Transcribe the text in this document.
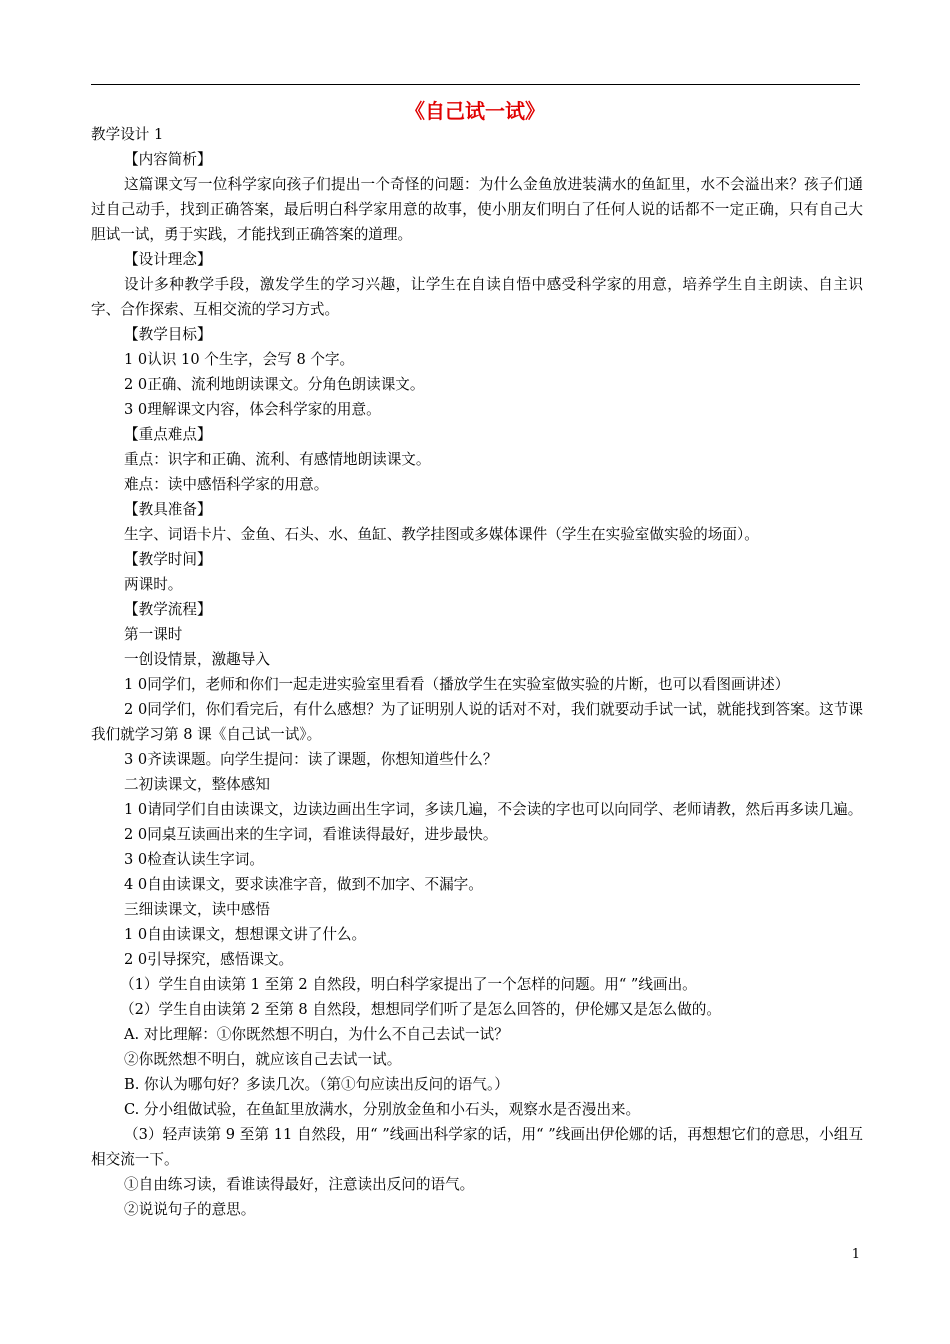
《自己试一试》

教学设计 1

【内容简析】

这篇课文写一位科学家向孩子们提出一个奇怪的问题：为什么金鱼放进装满水的鱼缸里，水不会溢出来？孩子们通过自己动手，找到正确答案，最后明白科学家用意的故事，使小朋友们明白了任何人说的话都不一定正确，只有自己大胆试一试，勇于实践，才能找到正确答案的道理。

【设计理念】

设计多种教学手段，激发学生的学习兴趣，让学生在自读自悟中感受科学家的用意，培养学生自主朗读、自主识字、合作探索、互相交流的学习方式。

【教学目标】

1 0认识 10 个生字，会写 8 个字。

2 0正确、流利地朗读课文。分角色朗读课文。

3 0理解课文内容，体会科学家的用意。

【重点难点】

重点：识字和正确、流利、有感情地朗读课文。

难点：读中感悟科学家的用意。

【教具准备】

生字、词语卡片、金鱼、石头、水、鱼缸、教学挂图或多媒体课件（学生在实验室做实验的场面）。

【教学时间】

两课时。

【教学流程】

第一课时

一创设情景，激趣导入

1 0同学们，老师和你们一起走进实验室里看看（播放学生在实验室做实验的片断，也可以看图画讲述）

2 0同学们，你们看完后，有什么感想？为了证明别人说的话对不对，我们就要动手试一试，就能找到答案。这节课我们就学习第 8 课《自己试一试》。

3 0齐读课题。向学生提问：读了课题，你想知道些什么？

二初读课文，整体感知

1 0请同学们自由读课文，边读边画出生字词，多读几遍，不会读的字也可以向同学、老师请教，然后再多读几遍。

2 0同桌互读画出来的生字词，看谁读得最好，进步最快。

3 0检查认读生字词。

4 0自由读课文，要求读准字音，做到不加字、不漏字。

三细读课文，读中感悟

1 0自由读课文，想想课文讲了什么。

2 0引导探究，感悟课文。

（1）学生自由读第 1 至第 2 自然段，明白科学家提出了一个怎样的问题。用“ ”线画出。

（2）学生自由读第 2 至第 8 自然段，想想同学们听了是怎么回答的，伊伦娜又是怎么做的。

A. 对比理解：①你既然想不明白，为什么不自己去试一试？

②你既然想不明白，就应该自己去试一试。

B. 你认为哪句好？多读几次。（第①句应读出反问的语气。）

C. 分小组做试验，在鱼缸里放满水，分别放金鱼和小石头，观察水是否漫出来。

（3）轻声读第 9 至第 11 自然段，用“ ”线画出科学家的话，用“ ”线画出伊伦娜的话，再想想它们的意思，小组互相交流一下。

①自由练习读，看谁读得最好，注意读出反问的语气。

②说说句子的意思。

1
